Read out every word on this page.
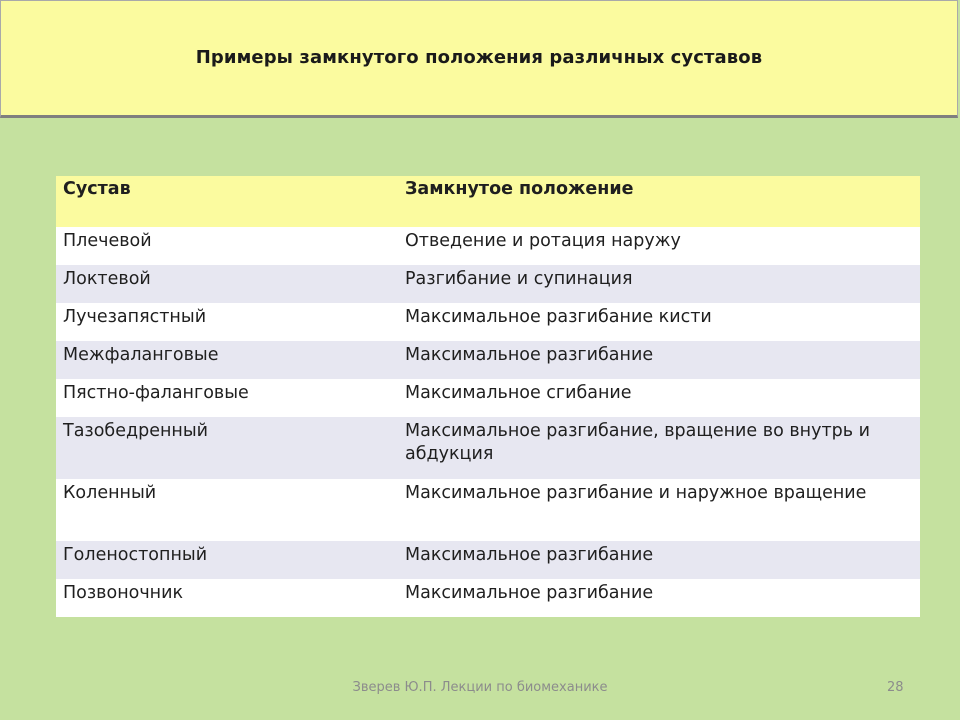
Примеры замкнутого положения различных суставов
Сустав	Замкнутое положение
Плечевой	Отведение и ротация наружу
Локтевой	Разгибание и супинация
Лучезапястный	Максимальное разгибание кисти
Межфаланговые	Максимальное разгибание
Пястно-фаланговые	Максимальное сгибание
Тазобедренный	Максимальное разгибание, вращение во внутрь и абдукция
Коленный	Максимальное разгибание и наружное вращение
Голеностопный	Максимальное разгибание
Позвоночник	Максимальное разгибание
Зверев Ю.П. Лекции по биомеханике	28
